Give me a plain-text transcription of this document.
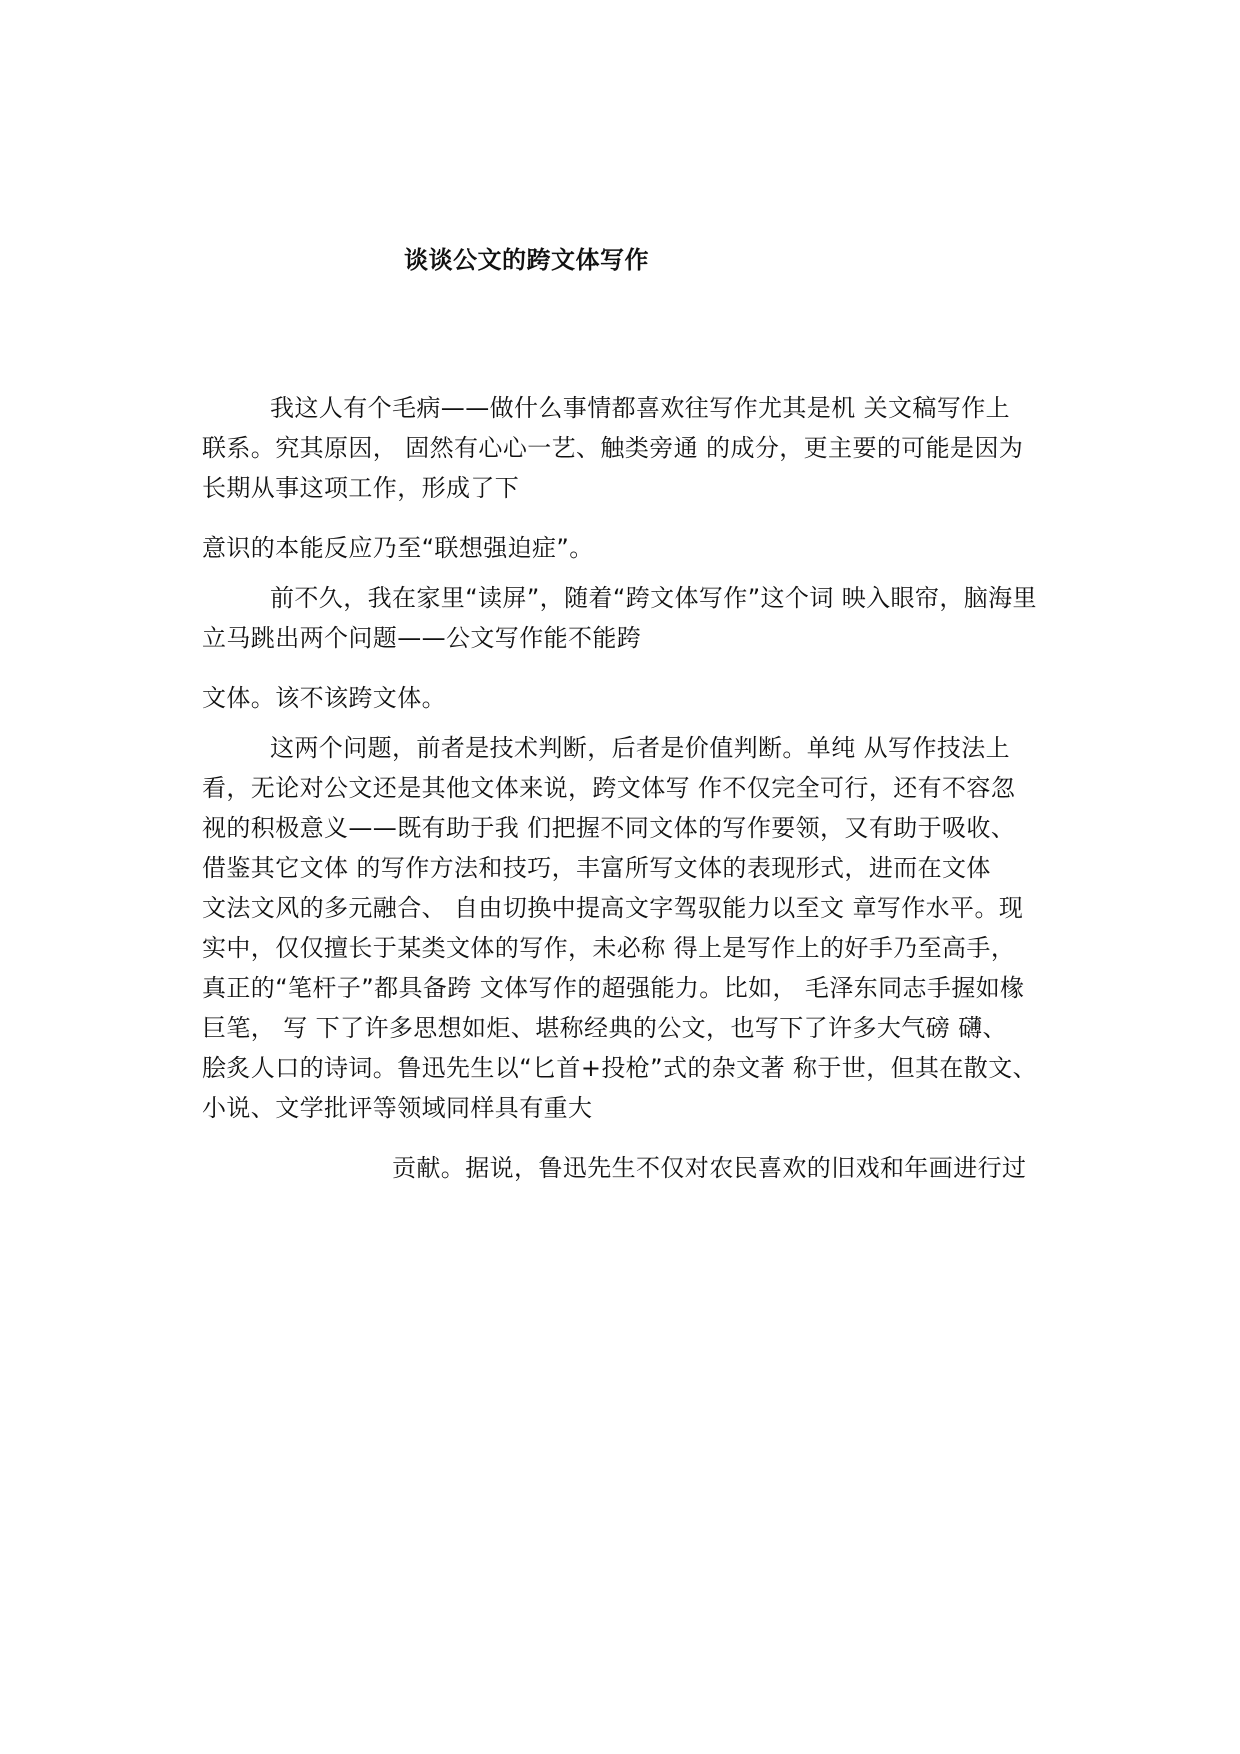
谈谈公文的跨文体写作

我这人有个毛病——做什么事情都喜欢往写作尤其是机 关文稿写作上

联系。究其原因， 固然有心心一艺、触类旁通 的成分，更主要的可能是因为

长期从事这项工作，形成了下

意识的本能反应乃至“联想强迫症”。

前不久，我在家里“读屏”，随着“跨文体写作”这个词 映入眼帘，脑海里

立马跳出两个问题——公文写作能不能跨

文体。该不该跨文体。

这两个问题，前者是技术判断，后者是价值判断。单纯 从写作技法上

看，无论对公文还是其他文体来说，跨文体写 作不仅完全可行，还有不容忽

视的积极意义——既有助于我 们把握不同文体的写作要领，又有助于吸收、

借鉴其它文体 的写作方法和技巧，丰富所写文体的表现形式，进而在文体

文法文风的多元融合、 自由切换中提高文字驾驭能力以至文 章写作水平。现

实中，仅仅擅长于某类文体的写作，未必称 得上是写作上的好手乃至高手，

真正的“笔杆子”都具备跨 文体写作的超强能力。比如， 毛泽东同志手握如椽

巨笔， 写 下了许多思想如炬、堪称经典的公文，也写下了许多大气磅 礴、

脍炙人口的诗词。鲁迅先生以“匕首+投枪”式的杂文著 称于世，但其在散文、

小说、文学批评等领域同样具有重大

贡献。据说，鲁迅先生不仅对农民喜欢的旧戏和年画进行过
